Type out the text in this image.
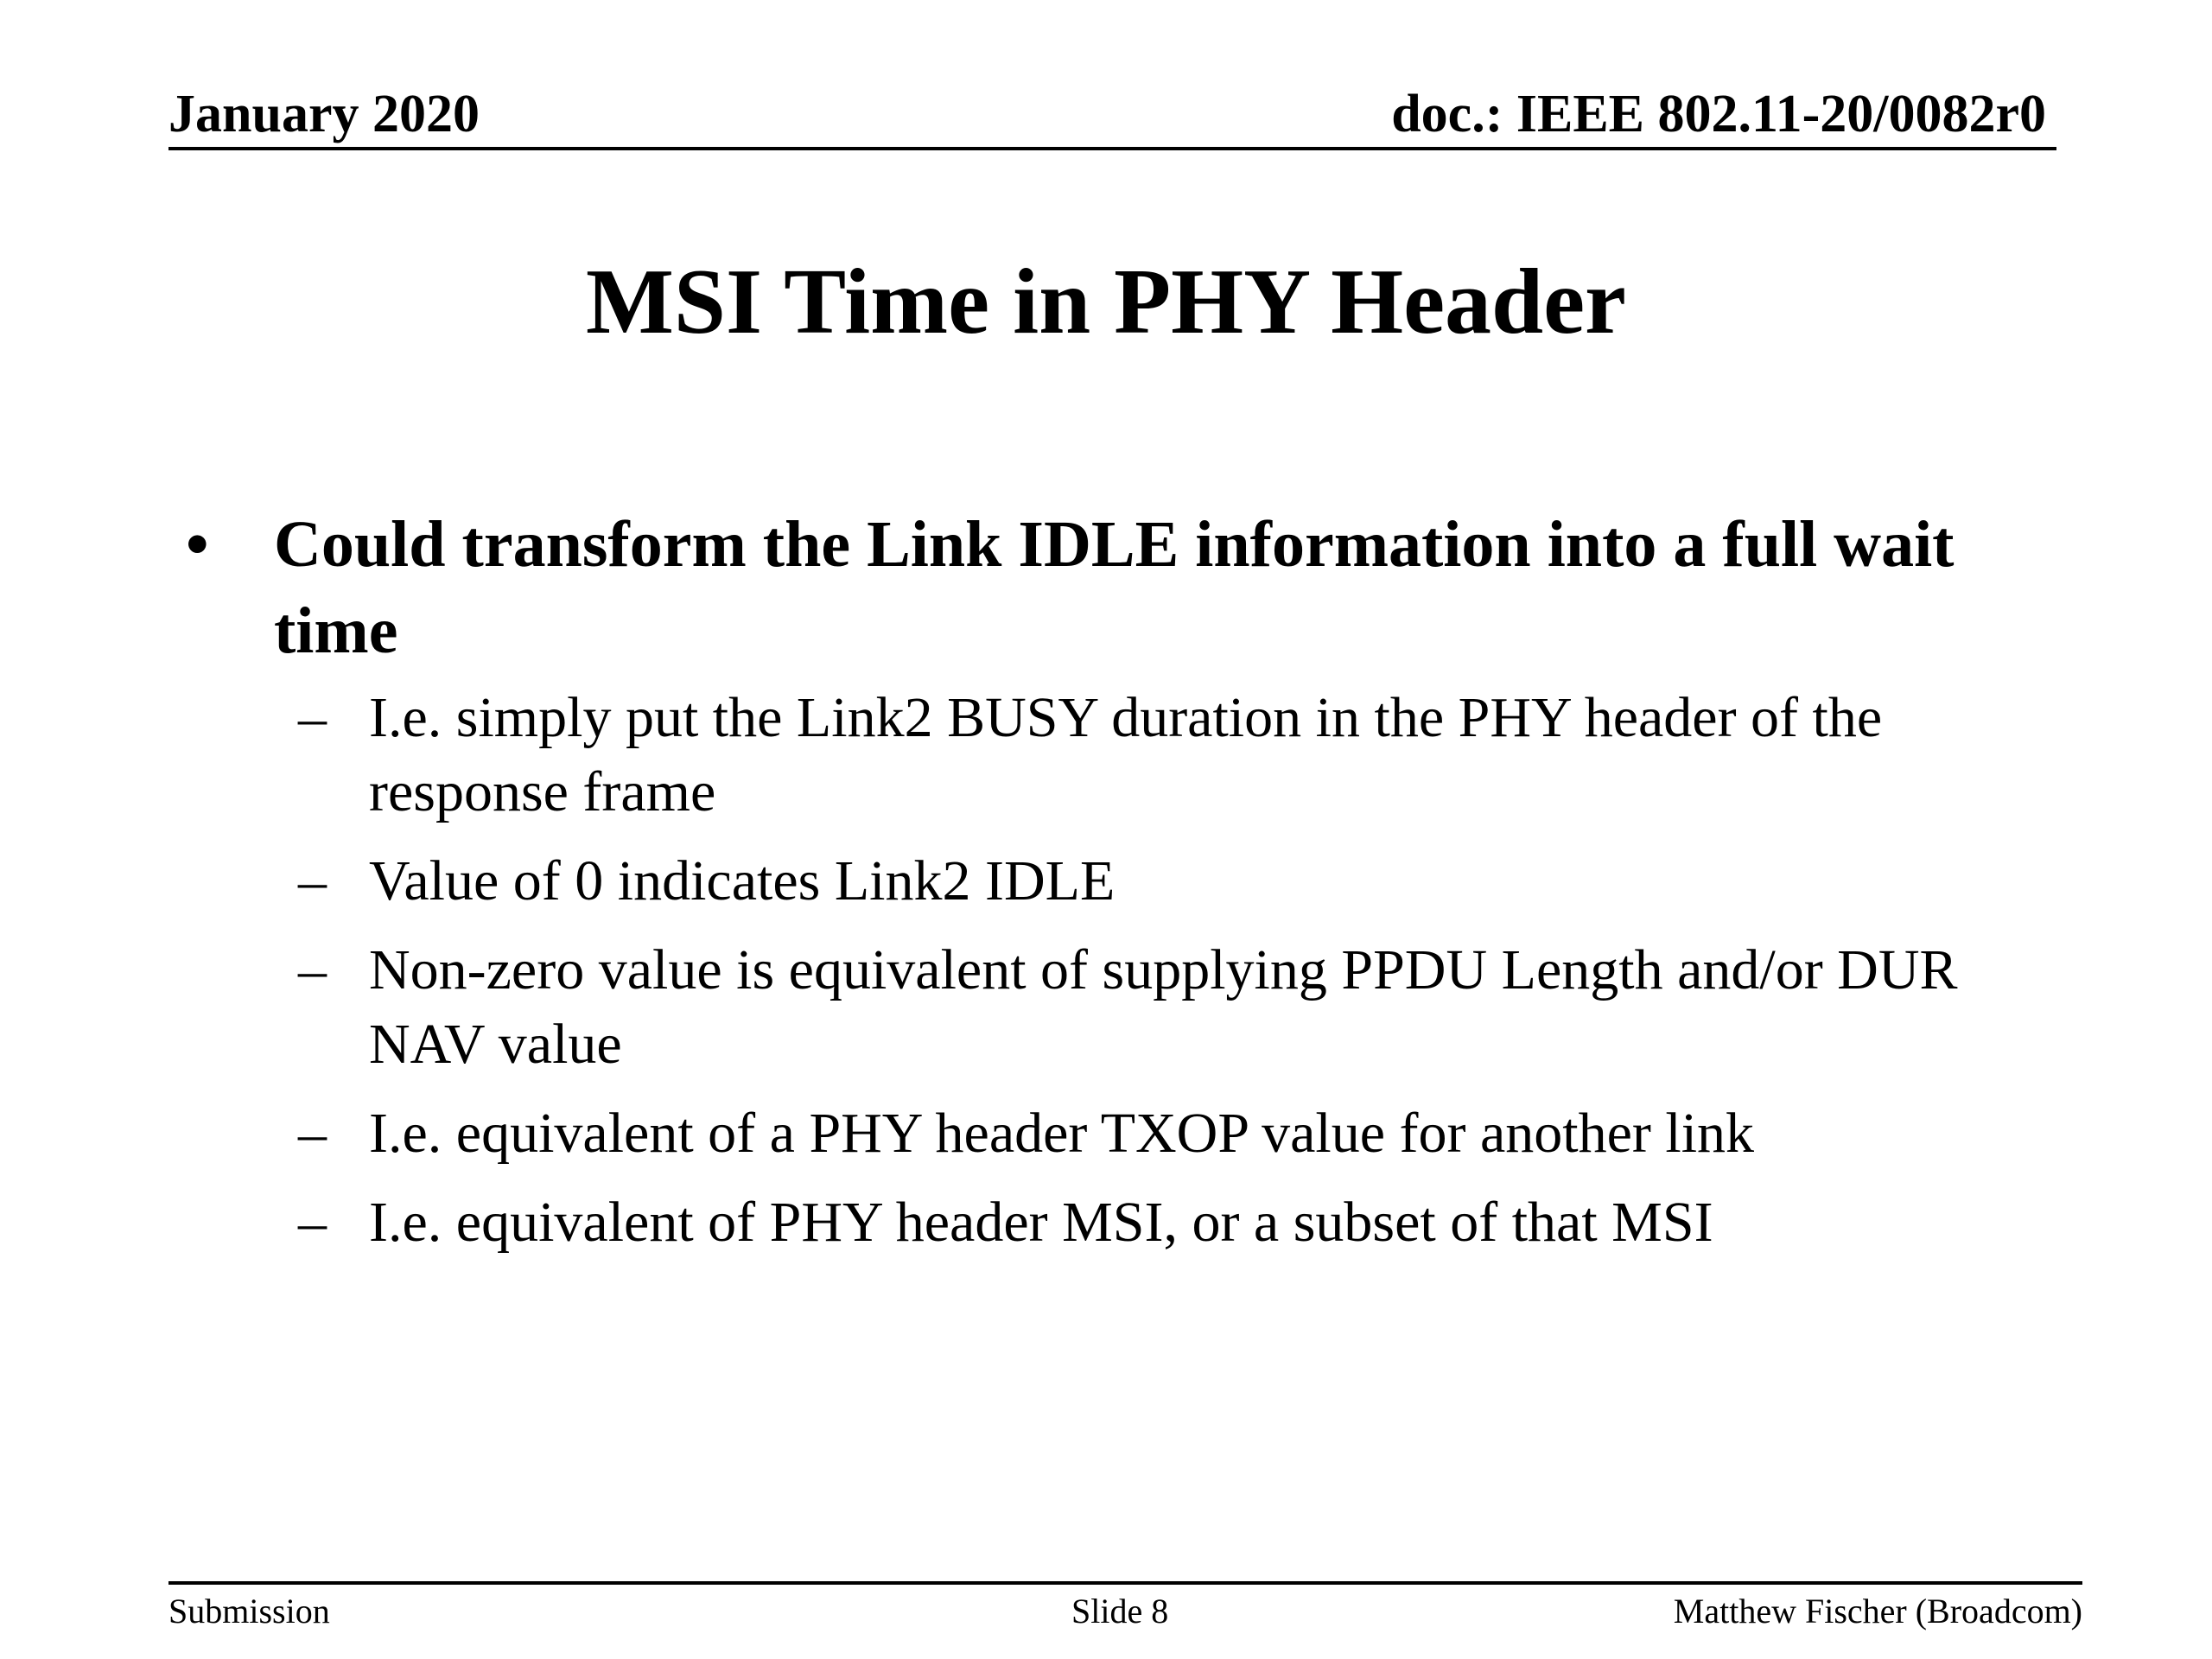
January 2020	doc.: IEEE 802.11-20/0082r0
MSI Time in PHY Header
• Could transform the Link IDLE information into a full wait time
– I.e. simply put the Link2 BUSY duration in the PHY header of the response frame
– Value of 0 indicates Link2 IDLE
– Non-zero value is equivalent of supplying PPDU Length and/or DUR NAV value
– I.e. equivalent of a PHY header TXOP value for another link
– I.e. equivalent of PHY header MSI, or a subset of that MSI
Submission	Slide 8	Matthew Fischer (Broadcom)
